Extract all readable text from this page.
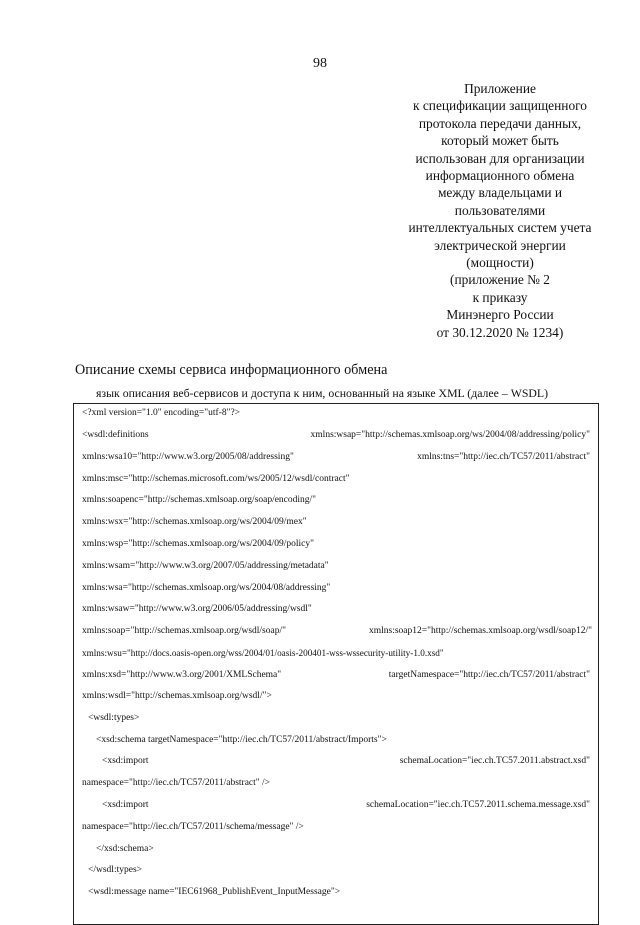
98
Приложение
к спецификации защищенного
протокола передачи данных,
который может быть
использован для организации
информационного обмена
между владельцами и
пользователями
интеллектуальных систем учета
электрической энергии
(мощности)
(приложение № 2
к приказу
Минэнерго России
от 30.12.2020 № 1234)
Описание схемы сервиса информационного обмена
язык описания веб-сервисов и доступа к ним, основанный на языке XML (далее – WSDL)
<?xml version="1.0" encoding="utf-8"?>
<wsdl:definitions	xmlns:wsap="http://schemas.xmlsoap.org/ws/2004/08/addressing/policy"
xmlns:wsa10="http://www.w3.org/2005/08/addressing"	xmlns:tns="http://iec.ch/TC57/2011/abstract"
xmlns:msc="http://schemas.microsoft.com/ws/2005/12/wsdl/contract"
xmlns:soapenc="http://schemas.xmlsoap.org/soap/encoding/"
xmlns:wsx="http://schemas.xmlsoap.org/ws/2004/09/mex"
xmlns:wsp="http://schemas.xmlsoap.org/ws/2004/09/policy"
xmlns:wsam="http://www.w3.org/2007/05/addressing/metadata"
xmlns:wsa="http://schemas.xmlsoap.org/ws/2004/08/addressing"
xmlns:wsaw="http://www.w3.org/2006/05/addressing/wsdl"
xmlns:soap="http://schemas.xmlsoap.org/wsdl/soap/"	xmlns:soap12="http://schemas.xmlsoap.org/wsdl/soap12/"
xmlns:wsu="http://docs.oasis-open.org/wss/2004/01/oasis-200401-wss-wssecurity-utility-1.0.xsd"
xmlns:xsd="http://www.w3.org/2001/XMLSchema"	targetNamespace="http://iec.ch/TC57/2011/abstract"
xmlns:wsdl="http://schemas.xmlsoap.org/wsdl/">
<wsdl:types>
<xsd:schema targetNamespace="http://iec.ch/TC57/2011/abstract/Imports">
<xsd:import	schemaLocation="iec.ch.TC57.2011.abstract.xsd"
namespace="http://iec.ch/TC57/2011/abstract" />
<xsd:import	schemaLocation="iec.ch.TC57.2011.schema.message.xsd"
namespace="http://iec.ch/TC57/2011/schema/message" />
</xsd:schema>
</wsdl:types>
<wsdl:message name="IEC61968_PublishEvent_InputMessage">
